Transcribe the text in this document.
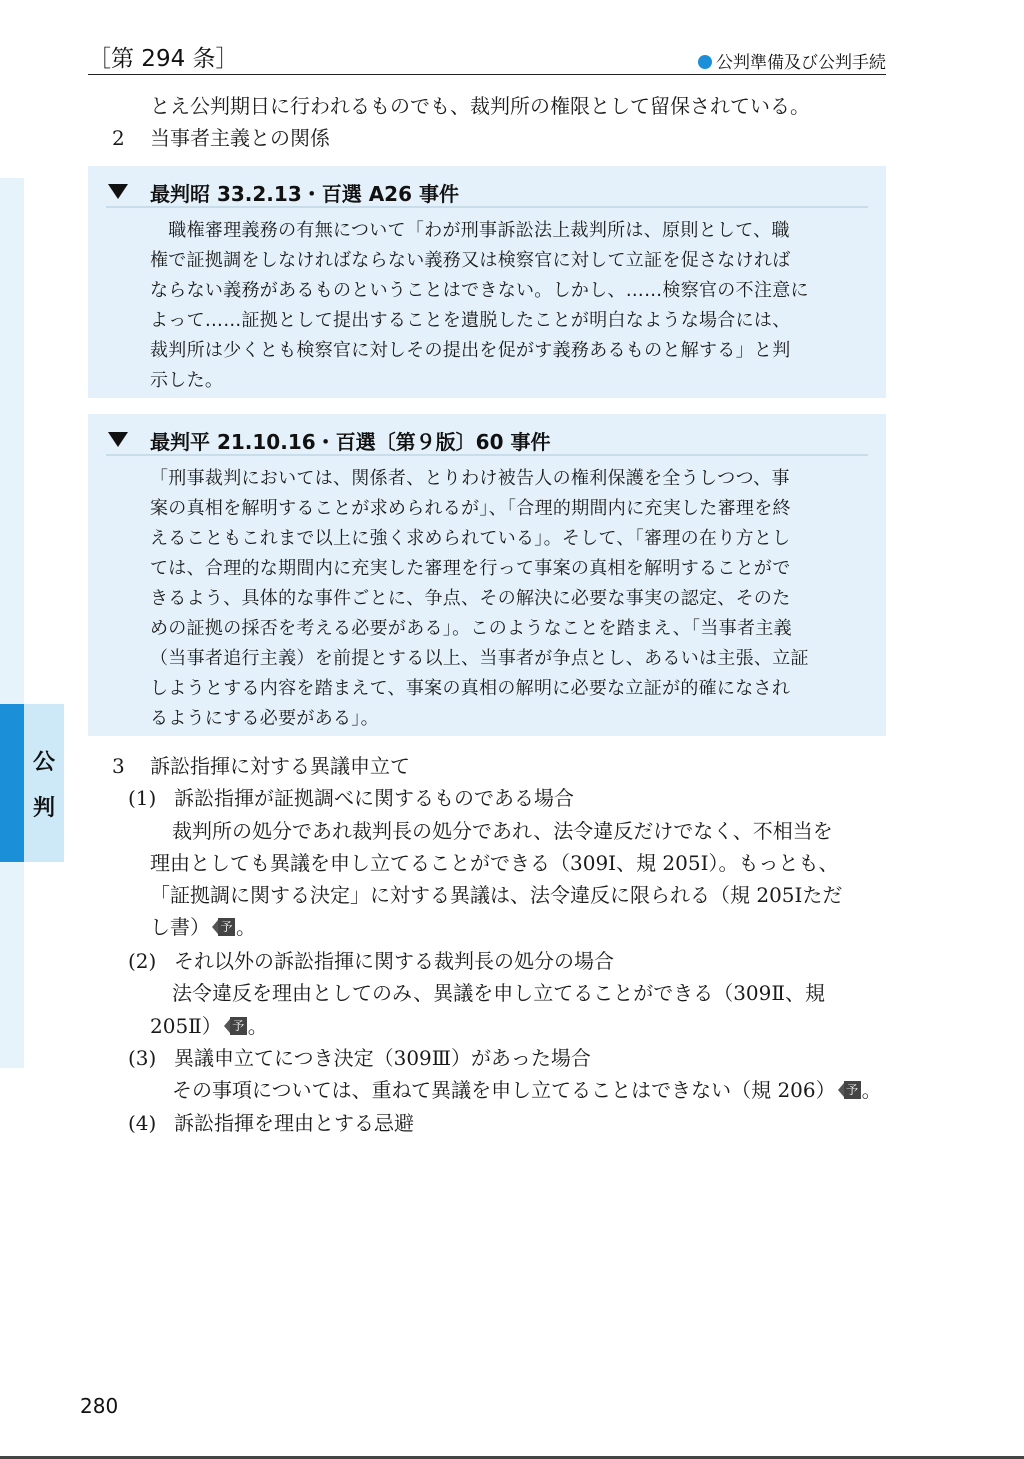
［第 294 条］	公判準備及び公判手続
公
判
とえ公判期日に行われるものでも、裁判所の権限として留保されている。
2 当事者主義との関係
最判昭 33.2.13・百選 A26 事件
　職権審理義務の有無について「わが刑事訴訟法上裁判所は、原則として、職
権で証拠調をしなければならない義務又は検察官に対して立証を促さなければ
ならない義務があるものということはできない。しかし、……検察官の不注意に
よって……証拠として提出することを遺脱したことが明白なような場合には、
裁判所は少くとも検察官に対しその提出を促がす義務あるものと解する」と判
示した。
最判平 21.10.16・百選〔第９版〕60 事件
「刑事裁判においては、関係者、とりわけ被告人の権利保護を全うしつつ、事
案の真相を解明することが求められるが」、「合理的期間内に充実した審理を終
えることもこれまで以上に強く求められている」。そして、「審理の在り方とし
ては、合理的な期間内に充実した審理を行って事案の真相を解明することがで
きるよう、具体的な事件ごとに、争点、その解決に必要な事実の認定、そのた
めの証拠の採否を考える必要がある」。このようなことを踏まえ、「当事者主義
（当事者追行主義）を前提とする以上、当事者が争点とし、あるいは主張、立証
しようとする内容を踏まえて、事案の真相の解明に必要な立証が的確になされ
るようにする必要がある」。
3 訴訟指揮に対する異議申立て
(1) 訴訟指揮が証拠調べに関するものである場合
裁判所の処分であれ裁判長の処分であれ、法令違反だけでなく、不相当を
理由としても異議を申し立てることができる（309Ⅰ、規 205Ⅰ）。もっとも、
「証拠調に関する決定」に対する異議は、法令違反に限られる（規 205Ⅰただ
し書） 予 。
(2) それ以外の訴訟指揮に関する裁判長の処分の場合
法令違反を理由としてのみ、異議を申し立てることができる（309Ⅱ、規
205Ⅱ） 予 。
(3) 異議申立てにつき決定（309Ⅲ）があった場合
その事項については、重ねて異議を申し立てることはできない（規 206） 予 。
(4) 訴訟指揮を理由とする忌避
280
